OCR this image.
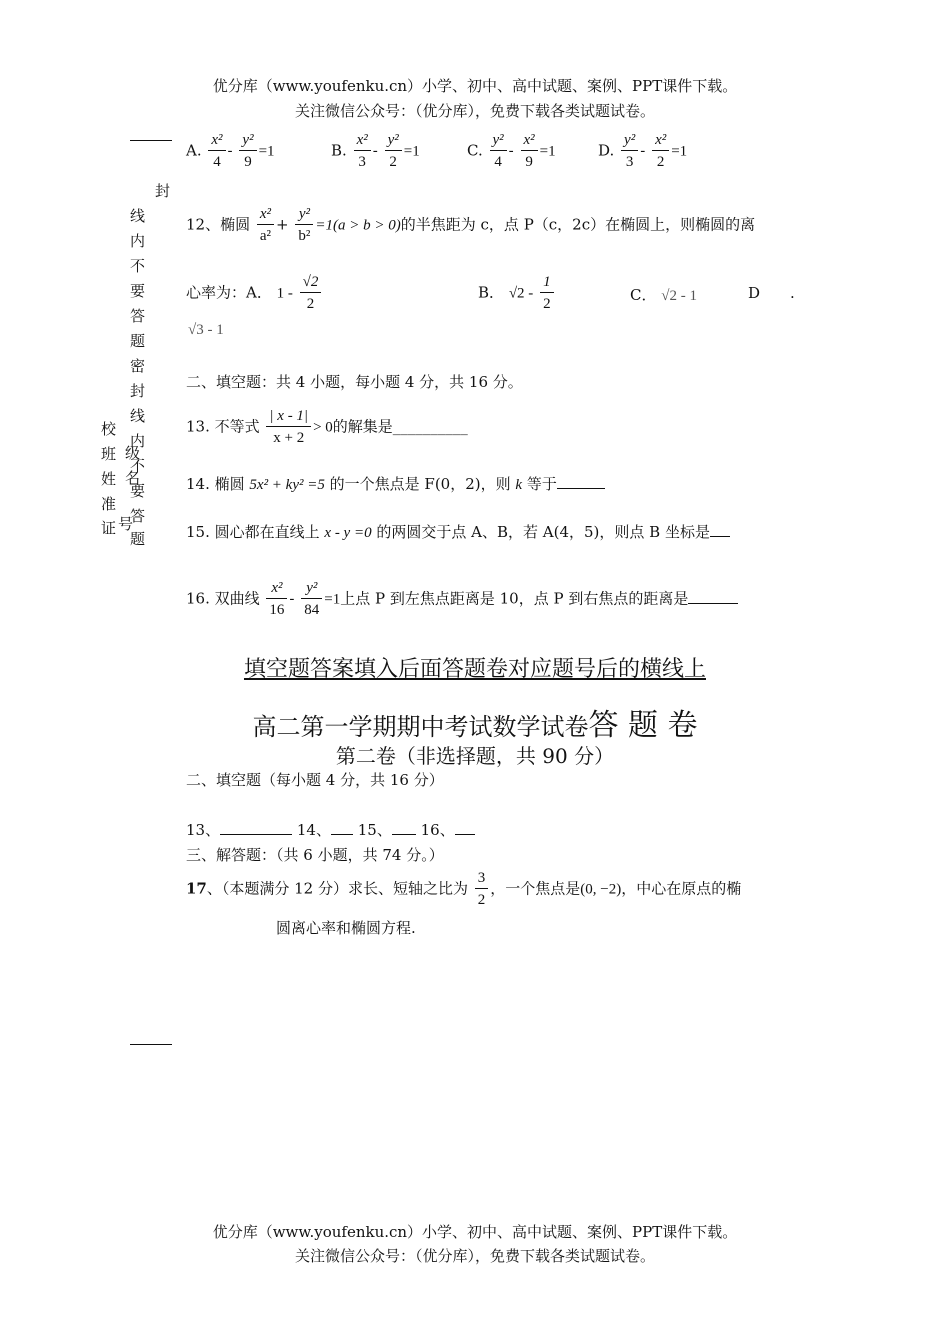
优分库（www.youfenku.cn）小学、初中、高中试题、案例、PPT课件下载。
关注微信公众号：（优分库），免费下载各类试题试卷。
封
线
内
不
要
答
题
密
封
线
内
不
要
答
题
级
名
号
校
班
姓
准
证
A. $\frac{\text{x²}}{4} - \frac{\text{y²}}{9} =1$	B. $\frac{\text{x²}}{3} - \frac{\text{y²}}{2} =1$	C. $\frac{\text{y²}}{4} - \frac{\text{x²}}{9} =1$	D. $\frac{\text{y²}}{3} - \frac{\text{x²}}{2} =1$
12、椭圆 $\frac{\text{x²}}{\text{a²}} + \frac{\text{y²}}{\text{b²}} =1(a > b > 0)$的半焦距为 c，点 P（c，2c）在椭圆上，则椭圆的离
心率为：A． $1 - \frac{√2}{2}$	B． $√2 - \frac{1}{2}$	C． √2 - 1	D .
√3 - 1
二、填空题：共 4 小题，每小题 4 分，共 16 分。
13. 不等式 $\frac{| x - 1|}{x + 2} > 0$的解集是__________
14. 椭圆 5x² + ky² =5 的一个焦点是 F(0，2)，则 k 等于
15. 圆心都在直线上 x - y =0 的两圆交于点 A、B，若 A(4，5)，则点 B 坐标是
16. 双曲线 $\frac{\text{x²}}{16} - \frac{\text{y²}}{84} =1$上点 P 到左焦点距离是 10，点 P 到右焦点的距离是
填空题答案填入后面答题卷对应题号后的横线上
高二第一学期期中考试数学试卷答 题 卷
第二卷（非选择题，共 90 分）
二、填空题（每小题 4 分，共 16 分）
13、	14、 15、 16、
三、解答题：（共 6 小题，共 74 分。）
17、（本题满分 12 分）求长、短轴之比为 $\frac{3}{2}$ ，一个焦点是(0, −2)，中心在原点的椭
圆离心率和椭圆方程.
优分库（www.youfenku.cn）小学、初中、高中试题、案例、PPT课件下载。
关注微信公众号：（优分库），免费下载各类试题试卷。
